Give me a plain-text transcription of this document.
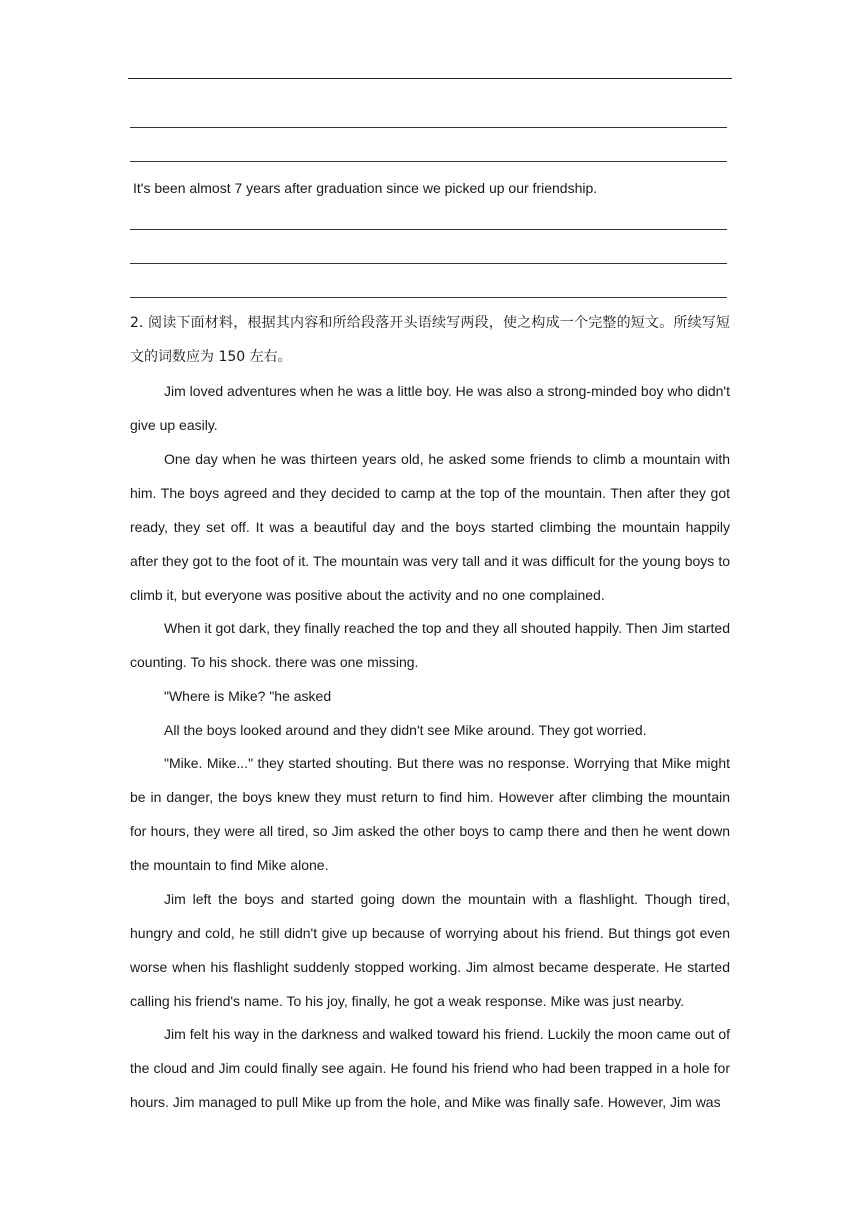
It's been almost 7 years after graduation since we picked up our friendship.
2. 阅读下面材料，根据其内容和所给段落开头语续写两段，使之构成一个完整的短文。所续写短文的词数应为 150 左右。
Jim loved adventures when he was a little boy. He was also a strong-minded boy who didn't give up easily.
One day when he was thirteen years old, he asked some friends to climb a mountain with him. The boys agreed and they decided to camp at the top of the mountain. Then after they got ready, they set off. It was a beautiful day and the boys started climbing the mountain happily after they got to the foot of it. The mountain was very tall and it was difficult for the young boys to climb it, but everyone was positive about the activity and no one complained.
When it got dark, they finally reached the top and they all shouted happily. Then Jim started counting. To his shock. there was one missing.
"Where is Mike? "he asked
All the boys looked around and they didn't see Mike around. They got worried.
"Mike. Mike..." they started shouting. But there was no response. Worrying that Mike might be in danger, the boys knew they must return to find him. However after climbing the mountain for hours, they were all tired, so Jim asked the other boys to camp there and then he went down the mountain to find Mike alone.
Jim left the boys and started going down the mountain with a flashlight. Though tired, hungry and cold, he still didn't give up because of worrying about his friend. But things got even worse when his flashlight suddenly stopped working. Jim almost became desperate. He started calling his friend's name. To his joy, finally, he got a weak response. Mike was just nearby.
Jim felt his way in the darkness and walked toward his friend. Luckily the moon came out of the cloud and Jim could finally see again. He found his friend who had been trapped in a hole for hours. Jim managed to pull Mike up from the hole, and Mike was finally safe. However, Jim was
